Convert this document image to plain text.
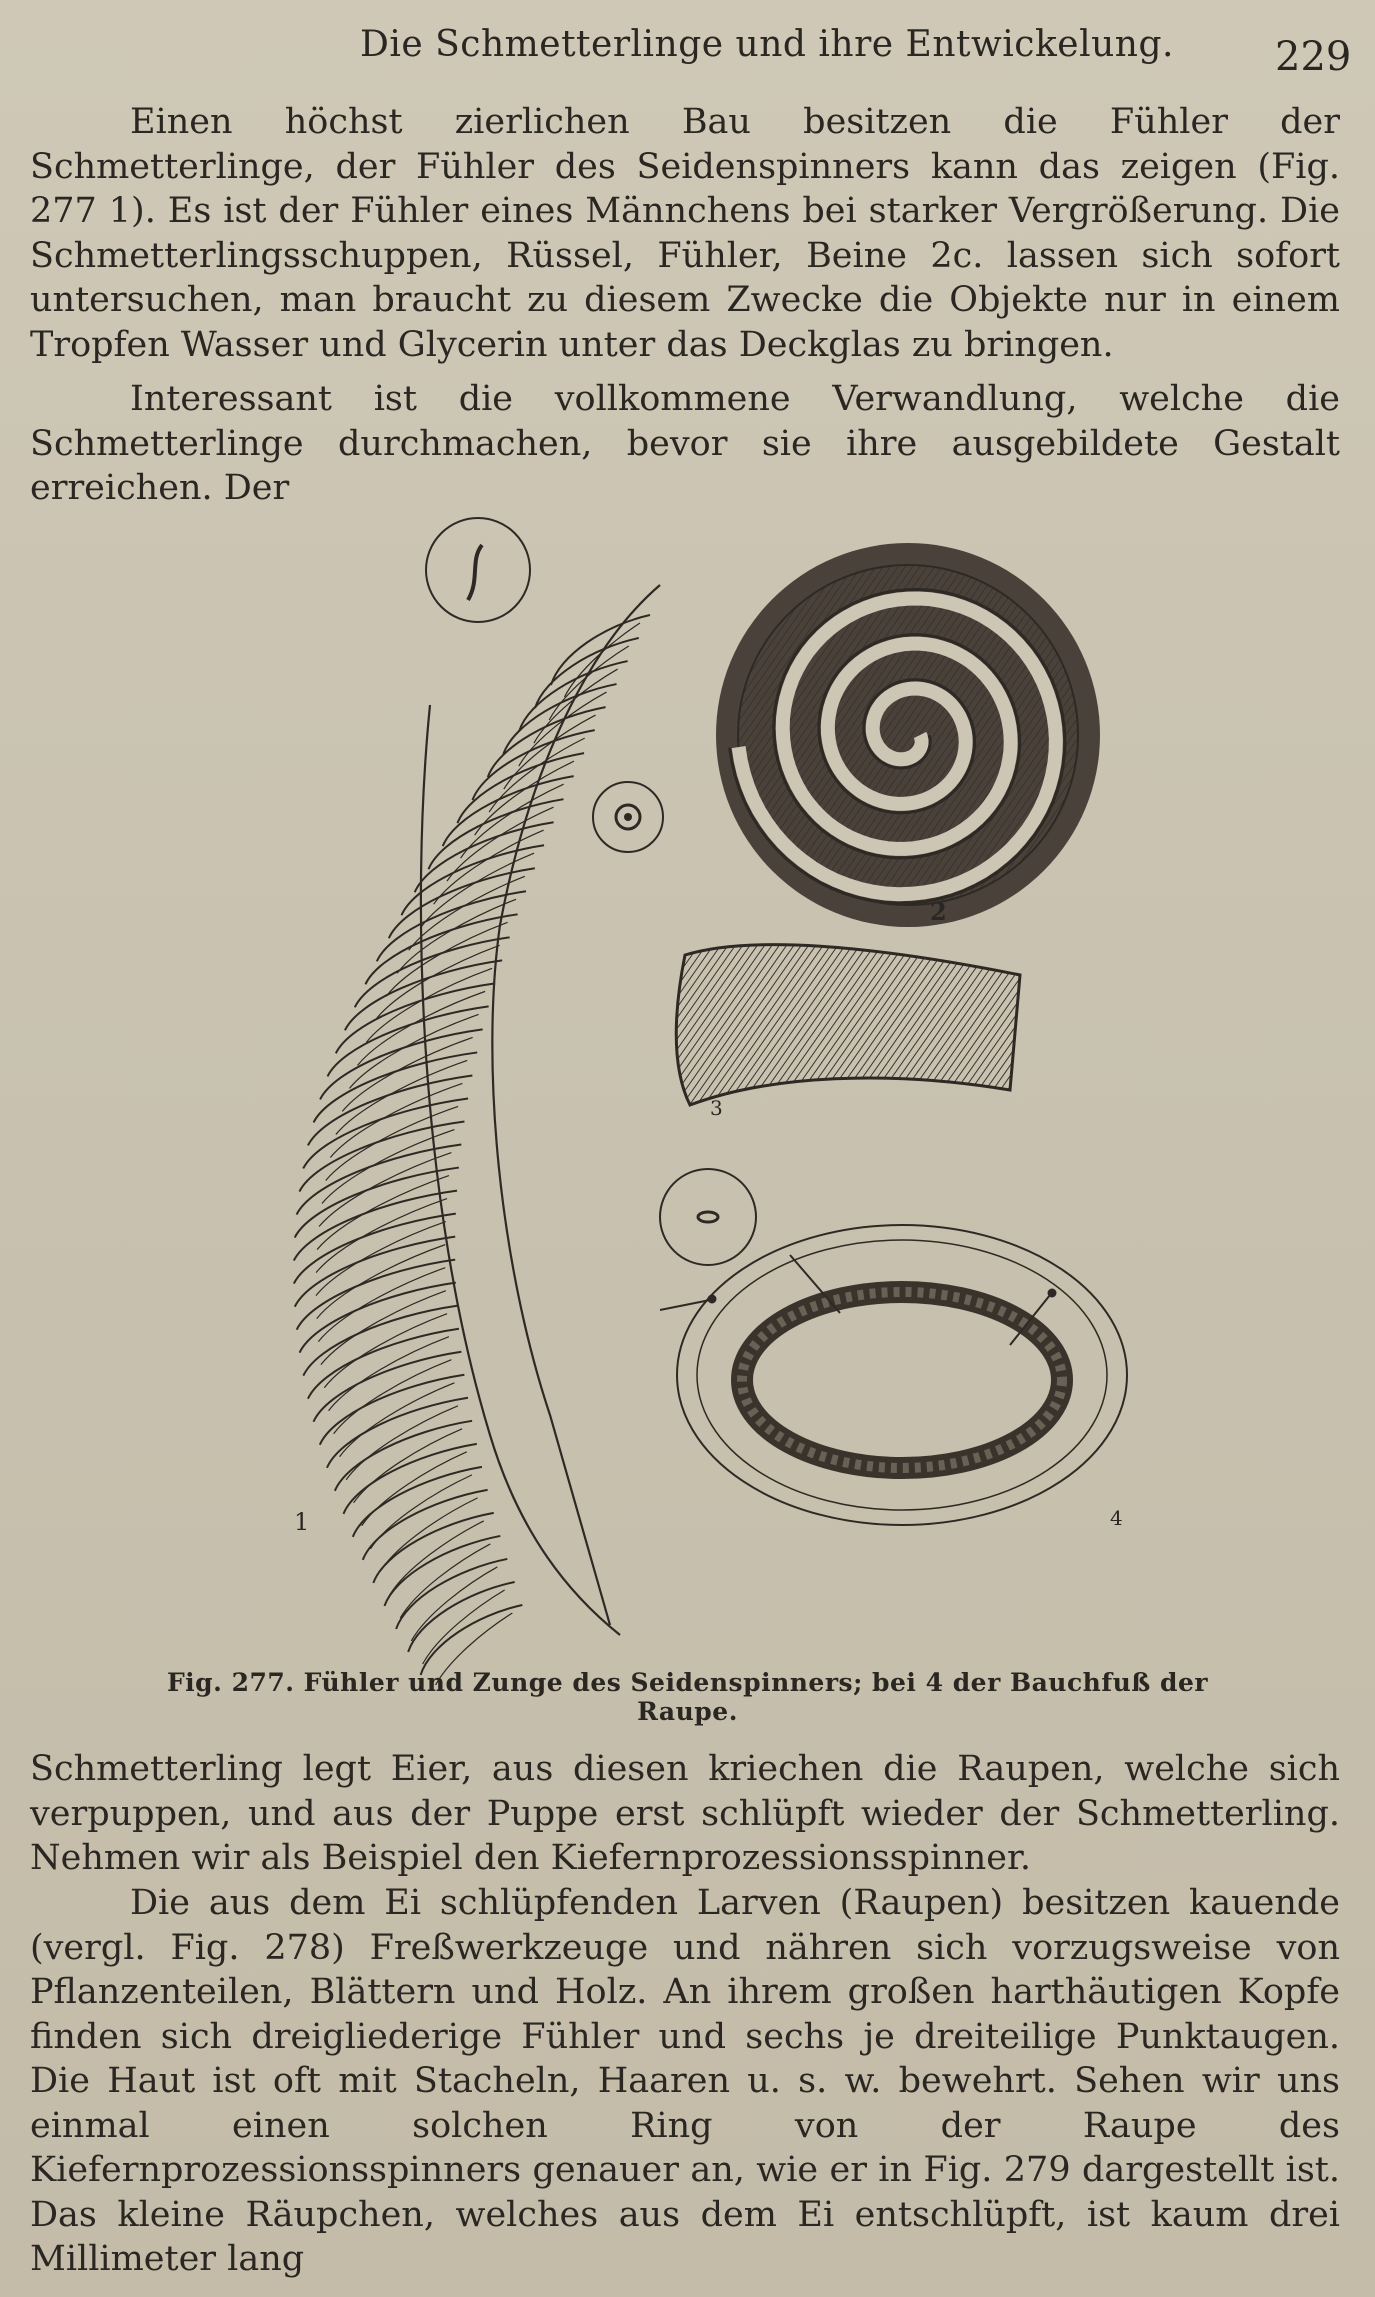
Die Schmetterlinge und ihre Entwickelung.	229

Einen höchst zierlichen Bau besitzen die Fühler der Schmetterlinge, der Fühler des Seidenspinners kann das zeigen (Fig. 277 1). Es ist der Fühler eines Männchens bei starker Vergrößerung. Die Schmetterlingsschuppen, Rüssel, Fühler, Beine 2c. lassen sich sofort untersuchen, man braucht zu diesem Zwecke die Objekte nur in einem Tropfen Wasser und Glycerin unter das Deckglas zu bringen.

Interessant ist die vollkommene Verwandlung, welche die Schmetterlinge durchmachen, bevor sie ihre ausgebildete Gestalt erreichen. Der

1
2
3
4
Fig. 277. Fühler und Zunge des Seidenspinners; bei 4 der Bauchfuß der Raupe.

Schmetterling legt Eier, aus diesen kriechen die Raupen, welche sich verpuppen, und aus der Puppe erst schlüpft wieder der Schmetterling. Nehmen wir als Beispiel den Kiefernprozessionsspinner.

Die aus dem Ei schlüpfenden Larven (Raupen) besitzen kauende (vergl. Fig. 278) Freßwerkzeuge und nähren sich vorzugsweise von Pflanzenteilen, Blättern und Holz. An ihrem großen harthäutigen Kopfe finden sich dreigliederige Fühler und sechs je dreiteilige Punktaugen. Die Haut ist oft mit Stacheln, Haaren u. s. w. bewehrt. Sehen wir uns einmal einen solchen Ring von der Raupe des Kiefernprozessionsspinners genauer an, wie er in Fig. 279 dargestellt ist. Das kleine Räupchen, welches aus dem Ei entschlüpft, ist kaum drei Millimeter lang
